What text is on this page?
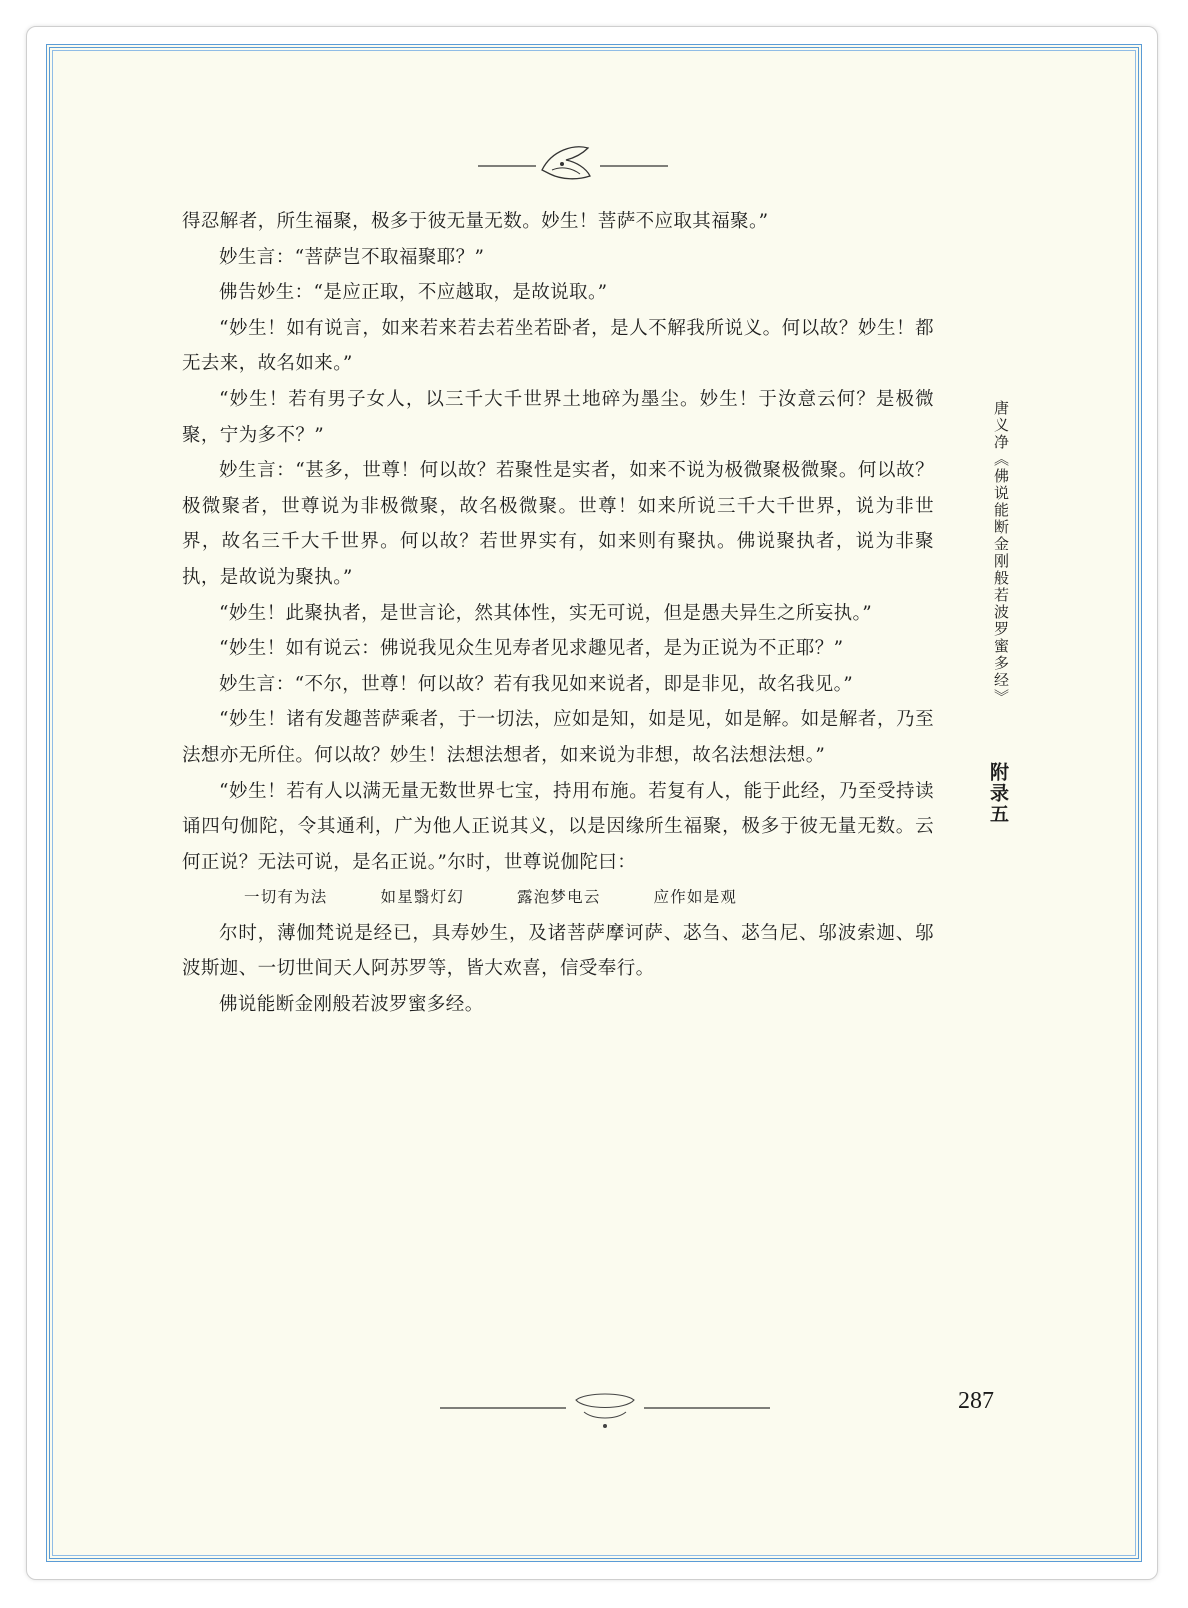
得忍解者，所生福聚，极多于彼无量无数。妙生！菩萨不应取其福聚。”

妙生言：“菩萨岂不取福聚耶？”

佛告妙生：“是应正取，不应越取，是故说取。”

“妙生！如有说言，如来若来若去若坐若卧者，是人不解我所说义。何以故？妙生！都无去来，故名如来。”

“妙生！若有男子女人，以三千大千世界土地碎为墨尘。妙生！于汝意云何？是极微聚，宁为多不？”

妙生言：“甚多，世尊！何以故？若聚性是实者，如来不说为极微聚极微聚。何以故？极微聚者，世尊说为非极微聚，故名极微聚。世尊！如来所说三千大千世界，说为非世界，故名三千大千世界。何以故？若世界实有，如来则有聚执。佛说聚执者，说为非聚执，是故说为聚执。”

“妙生！此聚执者，是世言论，然其体性，实无可说，但是愚夫异生之所妄执。”

“妙生！如有说云：佛说我见众生见寿者见求趣见者，是为正说为不正耶？”

妙生言：“不尔，世尊！何以故？若有我见如来说者，即是非见，故名我见。”

“妙生！诸有发趣菩萨乘者，于一切法，应如是知，如是见，如是解。如是解者，乃至法想亦无所住。何以故？妙生！法想法想者，如来说为非想，故名法想法想。”

“妙生！若有人以满无量无数世界七宝，持用布施。若复有人，能于此经，乃至受持读诵四句伽陀，令其通利，广为他人正说其义，以是因缘所生福聚，极多于彼无量无数。云何正说？无法可说，是名正说。”尔时，世尊说伽陀曰：

一切有为法	如星翳灯幻	露泡梦电云	应作如是观

尔时，薄伽梵说是经已，具寿妙生，及诸菩萨摩诃萨、苾刍、苾刍尼、邬波索迦、邬波斯迦、一切世间天人阿苏罗等，皆大欢喜，信受奉行。

佛说能断金刚般若波罗蜜多经。

唐义净《佛说能断金刚般若波罗蜜多经》
附录五
287
